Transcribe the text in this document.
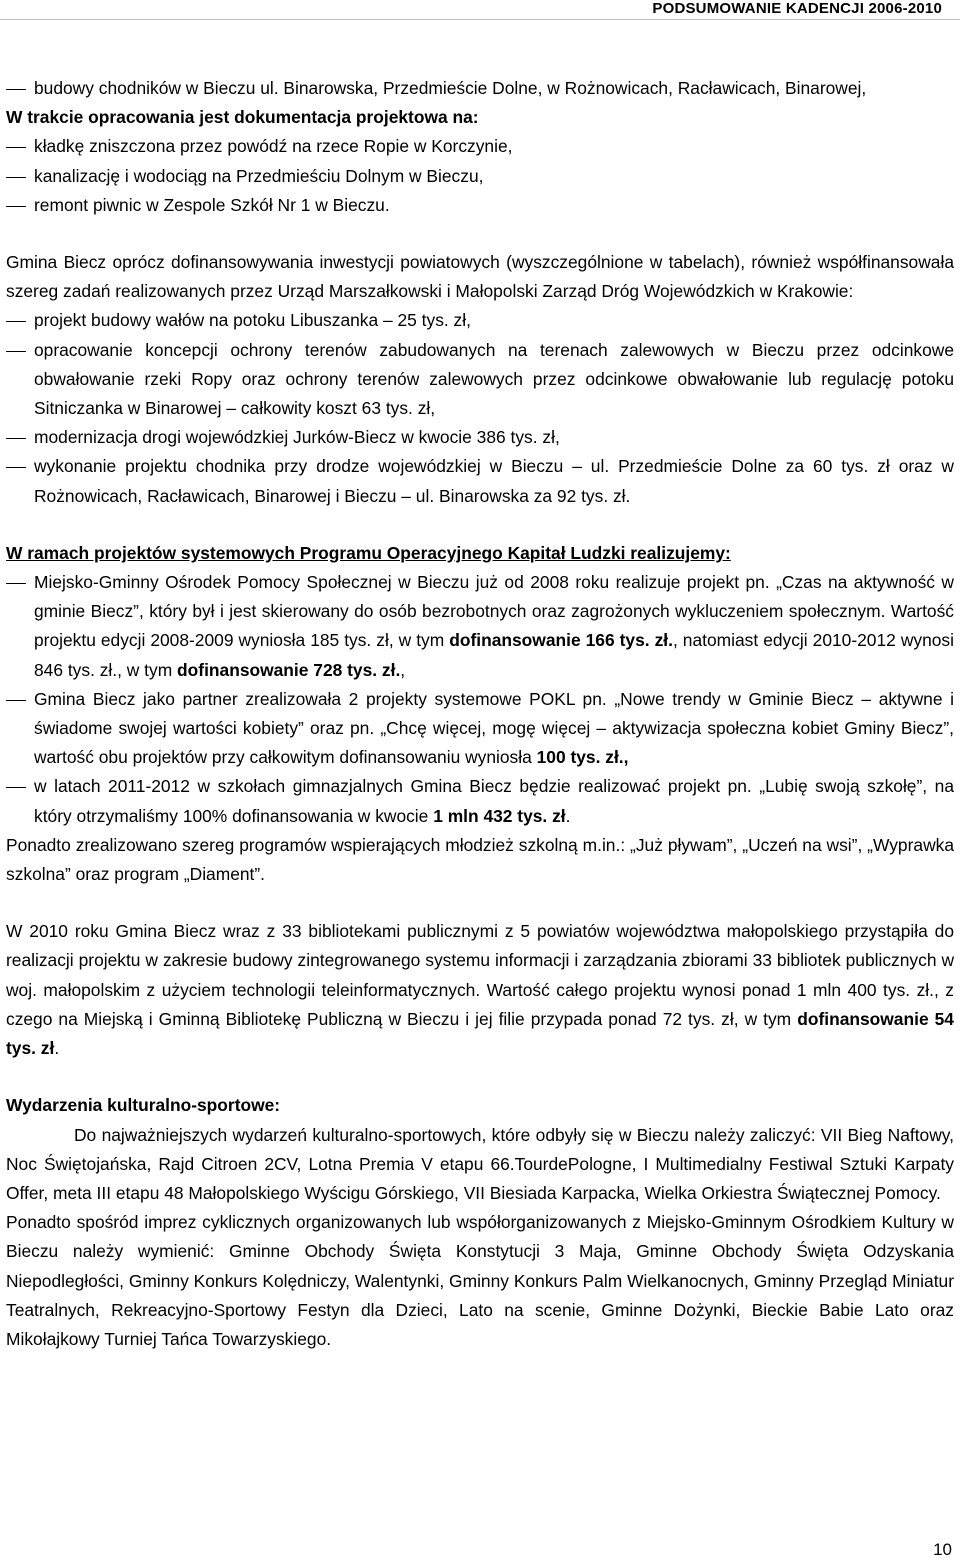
PODSUMOWANIE KADENCJI 2006-2010

budowy chodników w Bieczu ul. Binarowska, Przedmieście Dolne, w Rożnowicach, Racławicach, Binarowej,

W trakcie opracowania jest dokumentacja projektowa na:

kładkę zniszczona przez powódź na rzece Ropie w Korczynie,

kanalizację i wodociąg na Przedmieściu Dolnym w Bieczu,

remont piwnic w Zespole Szkół Nr 1 w Bieczu.

Gmina Biecz oprócz dofinansowywania inwestycji powiatowych (wyszczególnione w tabelach), również współfinansowała szereg zadań realizowanych przez Urząd Marszałkowski i Małopolski Zarząd Dróg Wojewódzkich w Krakowie:

projekt budowy wałów na potoku Libuszanka – 25 tys. zł,

opracowanie koncepcji ochrony terenów zabudowanych na terenach zalewowych w Bieczu przez odcinkowe obwałowanie rzeki Ropy oraz ochrony terenów zalewowych przez odcinkowe obwałowanie lub regulację potoku Sitniczanka w Binarowej – całkowity koszt 63 tys. zł,

modernizacja drogi wojewódzkiej Jurków-Biecz w kwocie 386 tys. zł,

wykonanie projektu chodnika przy drodze wojewódzkiej w Bieczu – ul. Przedmieście Dolne za 60 tys. zł oraz w Rożnowicach, Racławicach, Binarowej i Bieczu – ul. Binarowska za 92 tys. zł.

W ramach projektów systemowych Programu Operacyjnego Kapitał Ludzki realizujemy:

Miejsko-Gminny Ośrodek Pomocy Społecznej w Bieczu już od 2008 roku realizuje projekt pn. „Czas na aktywność w gminie Biecz”, który był i jest skierowany do osób bezrobotnych oraz zagrożonych wykluczeniem społecznym. Wartość projektu edycji 2008-2009 wyniosła 185 tys. zł, w tym dofinansowanie 166 tys. zł., natomiast edycji 2010-2012 wynosi 846 tys. zł., w tym dofinansowanie 728 tys. zł.,

Gmina Biecz jako partner zrealizowała 2 projekty systemowe POKL pn. „Nowe trendy w Gminie Biecz – aktywne i świadome swojej wartości kobiety” oraz pn. „Chcę więcej, mogę więcej – aktywizacja społeczna kobiet Gminy Biecz”, wartość obu projektów przy całkowitym dofinansowaniu wyniosła 100 tys. zł.,

w latach 2011-2012 w szkołach gimnazjalnych Gmina Biecz będzie realizować projekt pn. „Lubię swoją szkołę”, na który otrzymaliśmy 100% dofinansowania w kwocie 1 mln 432 tys. zł.

Ponadto zrealizowano szereg programów wspierających młodzież szkolną m.in.: „Już pływam”, „Uczeń na wsi”, „Wyprawka szkolna” oraz program „Diament”.

W 2010 roku Gmina Biecz wraz z 33 bibliotekami publicznymi z 5 powiatów województwa małopolskiego przystąpiła do realizacji projektu w zakresie budowy zintegrowanego systemu informacji i zarządzania zbiorami 33 bibliotek publicznych w woj. małopolskim z użyciem technologii teleinformatycznych. Wartość całego projektu wynosi ponad 1 mln 400 tys. zł., z czego na Miejską i Gminną Bibliotekę Publiczną w Bieczu i jej filie przypada ponad 72 tys. zł, w tym dofinansowanie 54 tys. zł.

Wydarzenia kulturalno-sportowe:

Do najważniejszych wydarzeń kulturalno-sportowych, które odbyły się w Bieczu należy zaliczyć: VII Bieg Naftowy, Noc Świętojańska, Rajd Citroen 2CV, Lotna Premia V etapu 66.TourdePologne, I Multimedialny Festiwal Sztuki Karpaty Offer, meta III etapu 48 Małopolskiego Wyścigu Górskiego, VII Biesiada Karpacka, Wielka Orkiestra Świątecznej Pomocy.

Ponadto spośród imprez cyklicznych organizowanych lub współorganizowanych z Miejsko-Gminnym Ośrodkiem Kultury w Bieczu należy wymienić: Gminne Obchody Święta Konstytucji 3 Maja, Gminne Obchody Święta Odzyskania Niepodległości, Gminny Konkurs Kolędniczy, Walentynki, Gminny Konkurs Palm Wielkanocnych, Gminny Przegląd Miniatur Teatralnych, Rekreacyjno-Sportowy Festyn dla Dzieci, Lato na scenie, Gminne Dożynki, Bieckie Babie Lato oraz Mikołajkowy Turniej Tańca Towarzyskiego.

10
